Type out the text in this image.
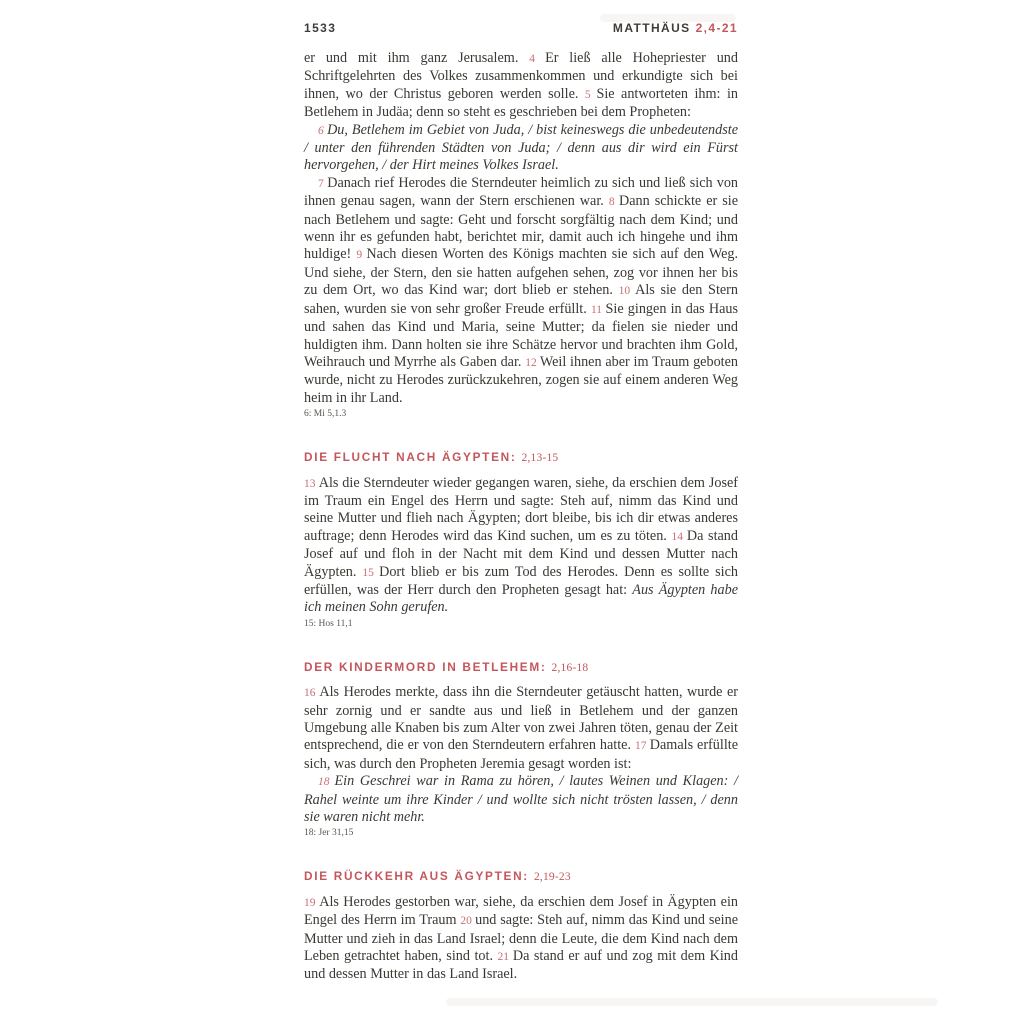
1533	MATTHÄUS 2,4-21

er und mit ihm ganz Jerusalem. 4 Er ließ alle Hohepriester und Schriftgelehrten des Volkes zusammenkommen und erkundigte sich bei ihnen, wo der Christus geboren werden solle. 5 Sie antworteten ihm: in Betlehem in Judäa; denn so steht es geschrieben bei dem Propheten:

6 Du, Betlehem im Gebiet von Juda, / bist keineswegs die unbedeutendste / unter den führenden Städten von Juda; / denn aus dir wird ein Fürst hervorgehen, / der Hirt meines Volkes Israel.

7 Danach rief Herodes die Sterndeuter heimlich zu sich und ließ sich von ihnen genau sagen, wann der Stern erschienen war. 8 Dann schickte er sie nach Betlehem und sagte: Geht und forscht sorgfältig nach dem Kind; und wenn ihr es gefunden habt, berichtet mir, damit auch ich hingehe und ihm huldige! 9 Nach diesen Worten des Königs machten sie sich auf den Weg. Und siehe, der Stern, den sie hatten aufgehen sehen, zog vor ihnen her bis zu dem Ort, wo das Kind war; dort blieb er stehen. 10 Als sie den Stern sahen, wurden sie von sehr großer Freude erfüllt. 11 Sie gingen in das Haus und sahen das Kind und Maria, seine Mutter; da fielen sie nieder und huldigten ihm. Dann holten sie ihre Schätze hervor und brachten ihm Gold, Weihrauch und Myrrhe als Gaben dar. 12 Weil ihnen aber im Traum geboten wurde, nicht zu Herodes zurückzukehren, zogen sie auf einem anderen Weg heim in ihr Land.

6: Mi 5,1.3
DIE FLUCHT NACH ÄGYPTEN: 2,13-15

13 Als die Sterndeuter wieder gegangen waren, siehe, da erschien dem Josef im Traum ein Engel des Herrn und sagte: Steh auf, nimm das Kind und seine Mutter und flieh nach Ägypten; dort bleibe, bis ich dir etwas anderes auftrage; denn Herodes wird das Kind suchen, um es zu töten. 14 Da stand Josef auf und floh in der Nacht mit dem Kind und dessen Mutter nach Ägypten. 15 Dort blieb er bis zum Tod des Herodes. Denn es sollte sich erfüllen, was der Herr durch den Propheten gesagt hat: Aus Ägypten habe ich meinen Sohn gerufen.

15: Hos 11,1
DER KINDERMORD IN BETLEHEM: 2,16-18

16 Als Herodes merkte, dass ihn die Sterndeuter getäuscht hatten, wurde er sehr zornig und er sandte aus und ließ in Betlehem und der ganzen Umgebung alle Knaben bis zum Alter von zwei Jahren töten, genau der Zeit entsprechend, die er von den Sterndeutern erfahren hatte. 17 Damals erfüllte sich, was durch den Propheten Jeremia gesagt worden ist:

18 Ein Geschrei war in Rama zu hören, / lautes Weinen und Klagen: / Rahel weinte um ihre Kinder / und wollte sich nicht trösten lassen, / denn sie waren nicht mehr.

18: Jer 31,15
DIE RÜCKKEHR AUS ÄGYPTEN: 2,19-23

19 Als Herodes gestorben war, siehe, da erschien dem Josef in Ägypten ein Engel des Herrn im Traum 20 und sagte: Steh auf, nimm das Kind und seine Mutter und zieh in das Land Israel; denn die Leute, die dem Kind nach dem Leben getrachtet haben, sind tot. 21 Da stand er auf und zog mit dem Kind und dessen Mutter in das Land Israel.
